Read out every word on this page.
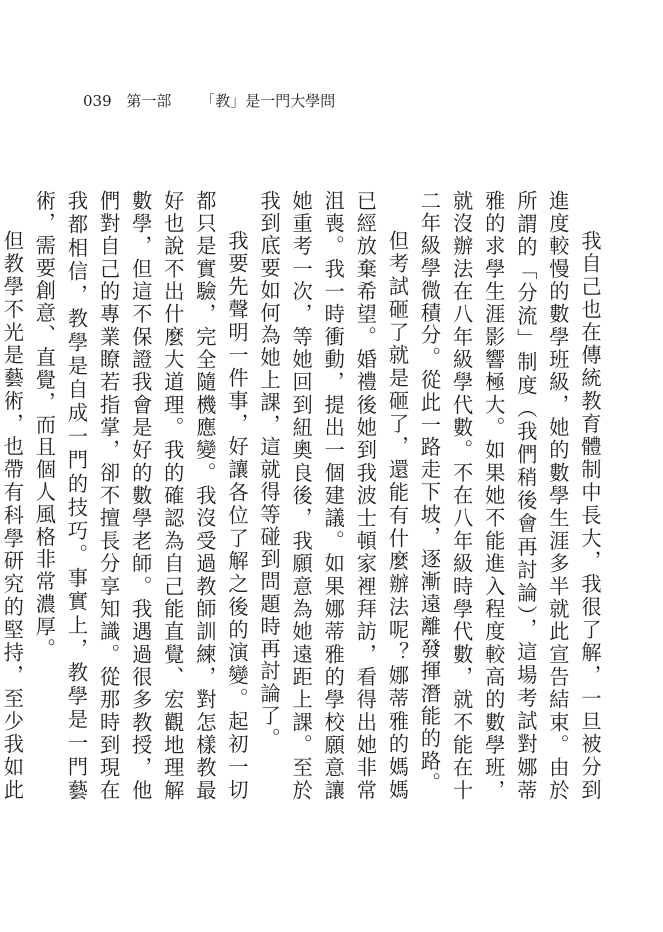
039 第一部 「教」是一門大學問

我自己也在傳統教育體制中長大，我很了解，一旦被分到進度較慢的數學班級，她的數學生涯多半就此宣告結束。由於所謂的「分流」制度（我們稍後會再討論），這場考試對娜蒂雅的求學生涯影響極大。如果她不能進入程度較高的數學班，就沒辦法在八年級學代數。不在八年級時學代數，就不能在十二年級學微積分。從此一路走下坡，逐漸遠離發揮潛能的路。

但考試砸了就是砸了，還能有什麼辦法呢？娜蒂雅的媽媽已經放棄希望。婚禮後她到我波士頓家裡拜訪，看得出她非常沮喪。我一時衝動，提出一個建議。如果娜蒂雅的學校願意讓她重考一次，等她回到紐奧良後，我願意為她遠距上課。至於我到底要如何為她上課，這就得等碰到問題時再討論了。

我要先聲明一件事，好讓各位了解之後的演變。起初一切都只是實驗，完全隨機應變。我沒受過教師訓練，對怎樣教最好也說不出什麼大道理。我的確認為自己能直覺、宏觀地理解數學，但這不保證我會是好的數學老師。我遇過很多教授，他們對自己的專業瞭若指掌，卻不擅長分享知識。從那時到現在我都相信，教學是自成一門的技巧。事實上，教學是一門藝術，需要創意、直覺，而且個人風格非常濃厚。

但教學不光是藝術，也帶有科學研究的堅持，至少我如此
